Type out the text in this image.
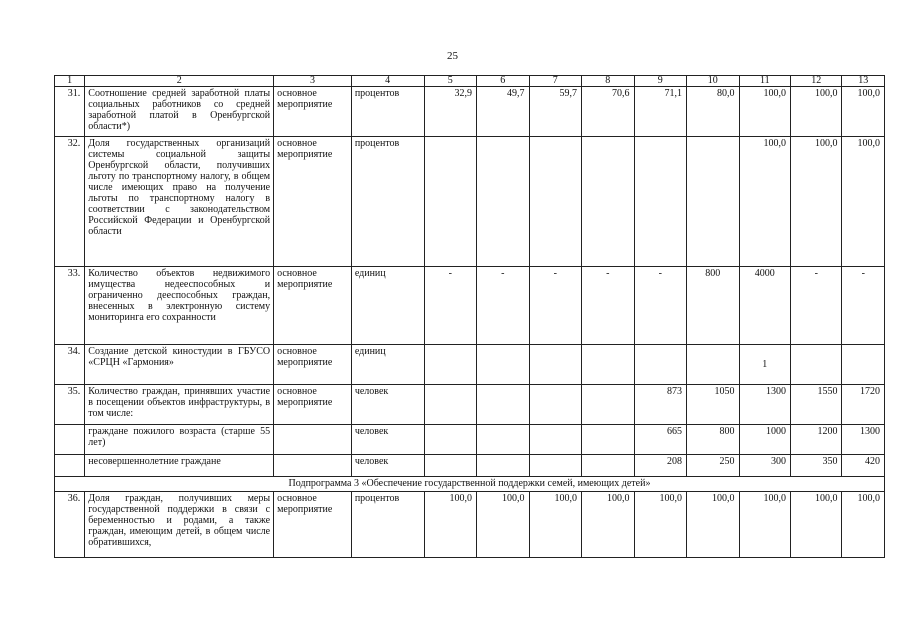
25
1	2	3	4	5	6	7	8	9	10	11	12	13
31.	Соотношение средней заработной платы социальных работников со средней заработной платой в Оренбургской области*)	основное мероприятие	процентов	32,9	49,7	59,7	70,6	71,1	80,0	100,0	100,0	100,0
32.	Доля государственных организаций системы социальной защиты Оренбургской области, получивших льготу по транспортному налогу, в общем числе имеющих право на получение льготы по транспортному налогу в соответствии с законодательством Российской Федерации и Оренбургской области	основное мероприятие	процентов							100,0	100,0	100,0
33.	Количество объектов недвижимого имущества недееспособных и ограниченно дееспособных граждан, внесенных в электронную систему мониторинга его сохранности	основное мероприятие	единиц	-	-	-	-	-	800	4000	-	-
34.	Создание детской киностудии в ГБУСО «СРЦН «Гармония»	основное мероприятие	единиц							1		
35.	Количество граждан, принявших участие в посещении объектов инфраструктуры, в том числе:	основное мероприятие	человек					873	1050	1300	1550	1720
	граждане пожилого возраста (старше 55 лет)		человек					665	800	1000	1200	1300
	несовершеннолетние граждане		человек					208	250	300	350	420
Подпрограмма 3 «Обеспечение государственной поддержки семей, имеющих детей»												
36.	Доля граждан, получивших меры государственной поддержки в связи с беременностью и родами, а также граждан, имеющим детей, в общем числе обратившихся,	основное мероприятие	процентов	100,0	100,0	100,0	100,0	100,0	100,0	100,0	100,0	100,0
